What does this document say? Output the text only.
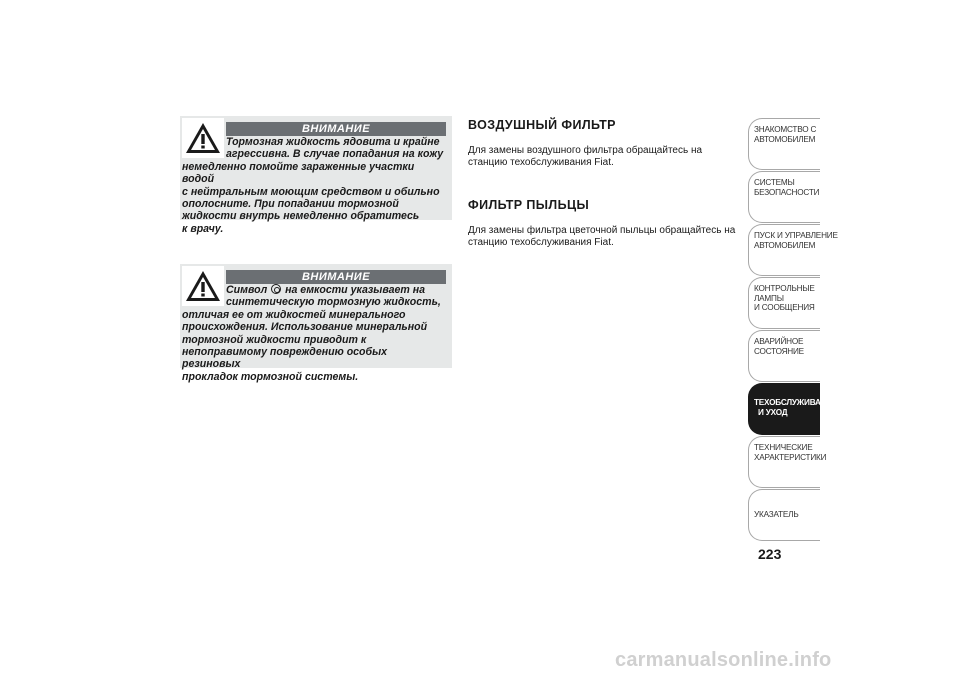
ВНИМАНИЕ
Тормозная жидкость ядовита и крайне
агрессивна. В случае попадания на кожу
немедленно помойте зараженные участки водой
с нейтральным моющим средством и обильно
ополосните. При попадании тормозной
жидкости внутрь немедленно обратитесь
к врачу.
ВНИМАНИЕ
Символ на емкости указывает на
синтетическую тормозную жидкость,
отличая ее от жидкостей минерального
происхождения. Использование минеральной
тормозной жидкости приводит к
непоправимому повреждению особых резиновых
прокладок тормозной системы.
ВОЗДУШНЫЙ ФИЛЬТР
Для замены воздушного фильтра обращайтесь на
станцию техобслуживания Fiat.
ФИЛЬТР ПЫЛЬЦЫ
Для замены фильтра цветочной пыльцы обращайтесь на
станцию техобслуживания Fiat.
ЗНАКОМСТВО С
АВТОМОБИЛЕМ
СИСТЕМЫ
БЕЗОПАСНОСТИ
ПУСК И УПРАВЛЕНИЕ
АВТОМОБИЛЕМ
КОНТРОЛЬНЫЕ
ЛАМПЫ
И СООБЩЕНИЯ
АВАРИЙНОЕ
СОСТОЯНИЕ
ТЕХОБСЛУЖИВАНИЕ
И УХОД
ТЕХНИЧЕСКИЕ
ХАРАКТЕРИСТИКИ
УКАЗАТЕЛЬ
223
carmanualsonline.info
